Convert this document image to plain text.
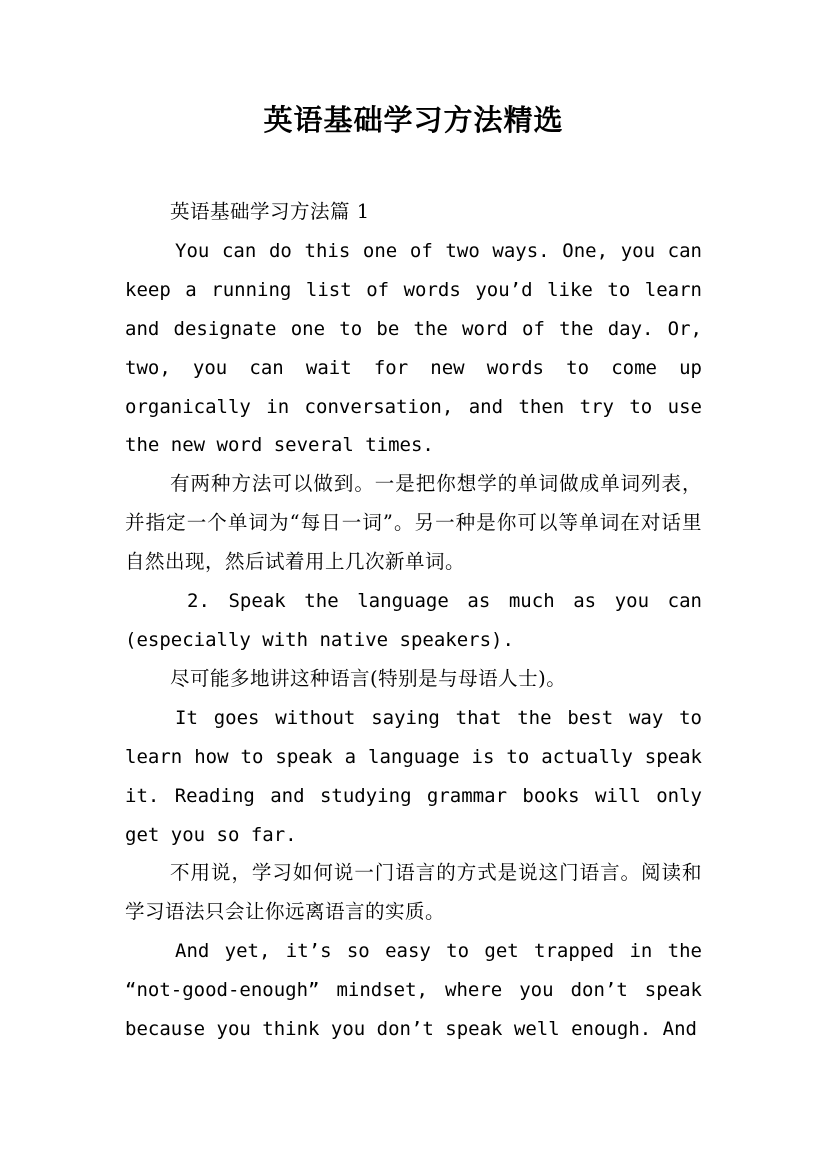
英语基础学习方法精选

英语基础学习方法篇 1

You can do this one of two ways. One, you can keep a running list of words you’d like to learn and designate one to be the word of the day. Or, two, you can wait for new words to come up organically in conversation, and then try to use the new word several times.

有两种方法可以做到。一是把你想学的单词做成单词列表，并指定一个单词为“每日一词”。另一种是你可以等单词在对话里自然出现，然后试着用上几次新单词。

2. Speak the language as much as you can (especially with native speakers).

尽可能多地讲这种语言(特别是与母语人士)。

It goes without saying that the best way to learn how to speak a language is to actually speak it. Reading and studying grammar books will only get you so far.

不用说，学习如何说一门语言的方式是说这门语言。阅读和学习语法只会让你远离语言的实质。

And yet, it’s so easy to get trapped in the “not-good-enough” mindset, where you don’t speak because you think you don’t speak well enough. And
